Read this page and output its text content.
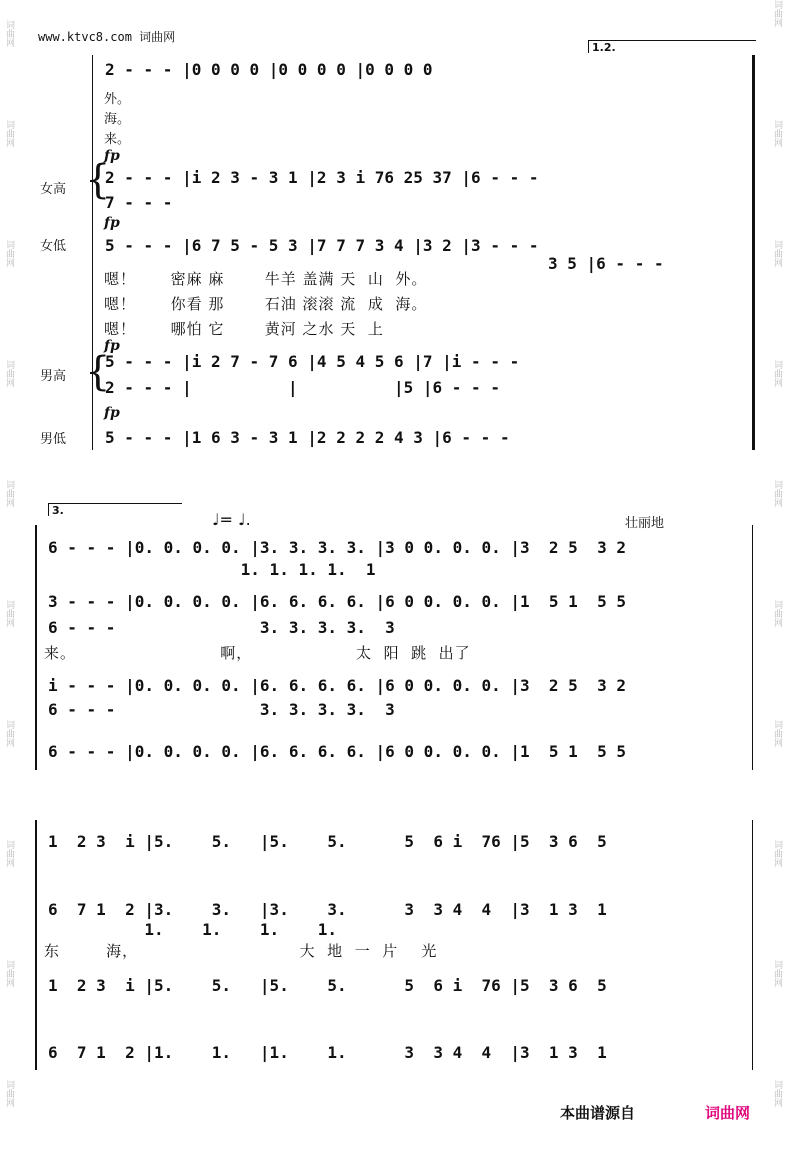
词曲网
词曲网
词曲网
词曲网
词曲网
词曲网
词曲网
词曲网
词曲网
词曲网
词曲网
词曲网
词曲网
词曲网
词曲网
词曲网
词曲网
词曲网
词曲网
词曲网
www.ktvc8.com 词曲网
1.2.
2 - - - |0 0 0 0 |0 0 0 0 |0 0 0 0
外。
海。
来。
fp
女高 {
2 - - - |i 2 3 - 3 1 |2 3 i 76 25 37 |6 - - -
7 - - -
fp
女低 5 - - - |6 7 5 - 5 3 |7 7 7 3 4 |3 2 |3 - - -
3 5 |6 - - -
嗯！      密麻 麻       牛羊 盖满 天  山  外。
嗯！      你看 那       石油 滚滚 流  成  海。
嗯！      哪怕 它       黄河 之水 天  上
fp
男高 {
5 - - - |i 2 7 - 7 6 |4 5 4 5 6 |7 |i - - -
2 - - - |          |          |5 |6 - - -
fp
男低 5 - - - |1 6 3 - 3 1 |2 2 2 2 4 3 |6 - - -
3.	♩= ♩.	壮丽地
6 - - - |0. 0. 0. 0. |3. 3. 3. 3. |3 0 0. 0. 0. |3  2 5  3 2
1. 1. 1. 1.  1
3 - - - |0. 0. 0. 0. |6. 6. 6. 6. |6 0 0. 0. 0. |1  5 1  5 5
6 - - -               3. 3. 3. 3.  3
来。                         啊，                  太  阳  跳  出了
i - - - |0. 0. 0. 0. |6. 6. 6. 6. |6 0 0. 0. 0. |3  2 5  3 2
6 - - -               3. 3. 3. 3.  3
6 - - - |0. 0. 0. 0. |6. 6. 6. 6. |6 0 0. 0. 0. |1  5 1  5 5
1  2 3  i |5.    5.   |5.    5.      5  6 i  76 |5  3 6  5
6  7 1  2 |3.    3.   |3.    3.      3  3 4  4  |3  1 3  1
1.    1.    1.    1.
东        海，                            大  地  一  片    光
1  2 3  i |5.    5.   |5.    5.      5  6 i  76 |5  3 6  5
6  7 1  2 |1.    1.   |1.    1.      3  3 4  4  |3  1 3  1
本曲谱源自	词曲网
